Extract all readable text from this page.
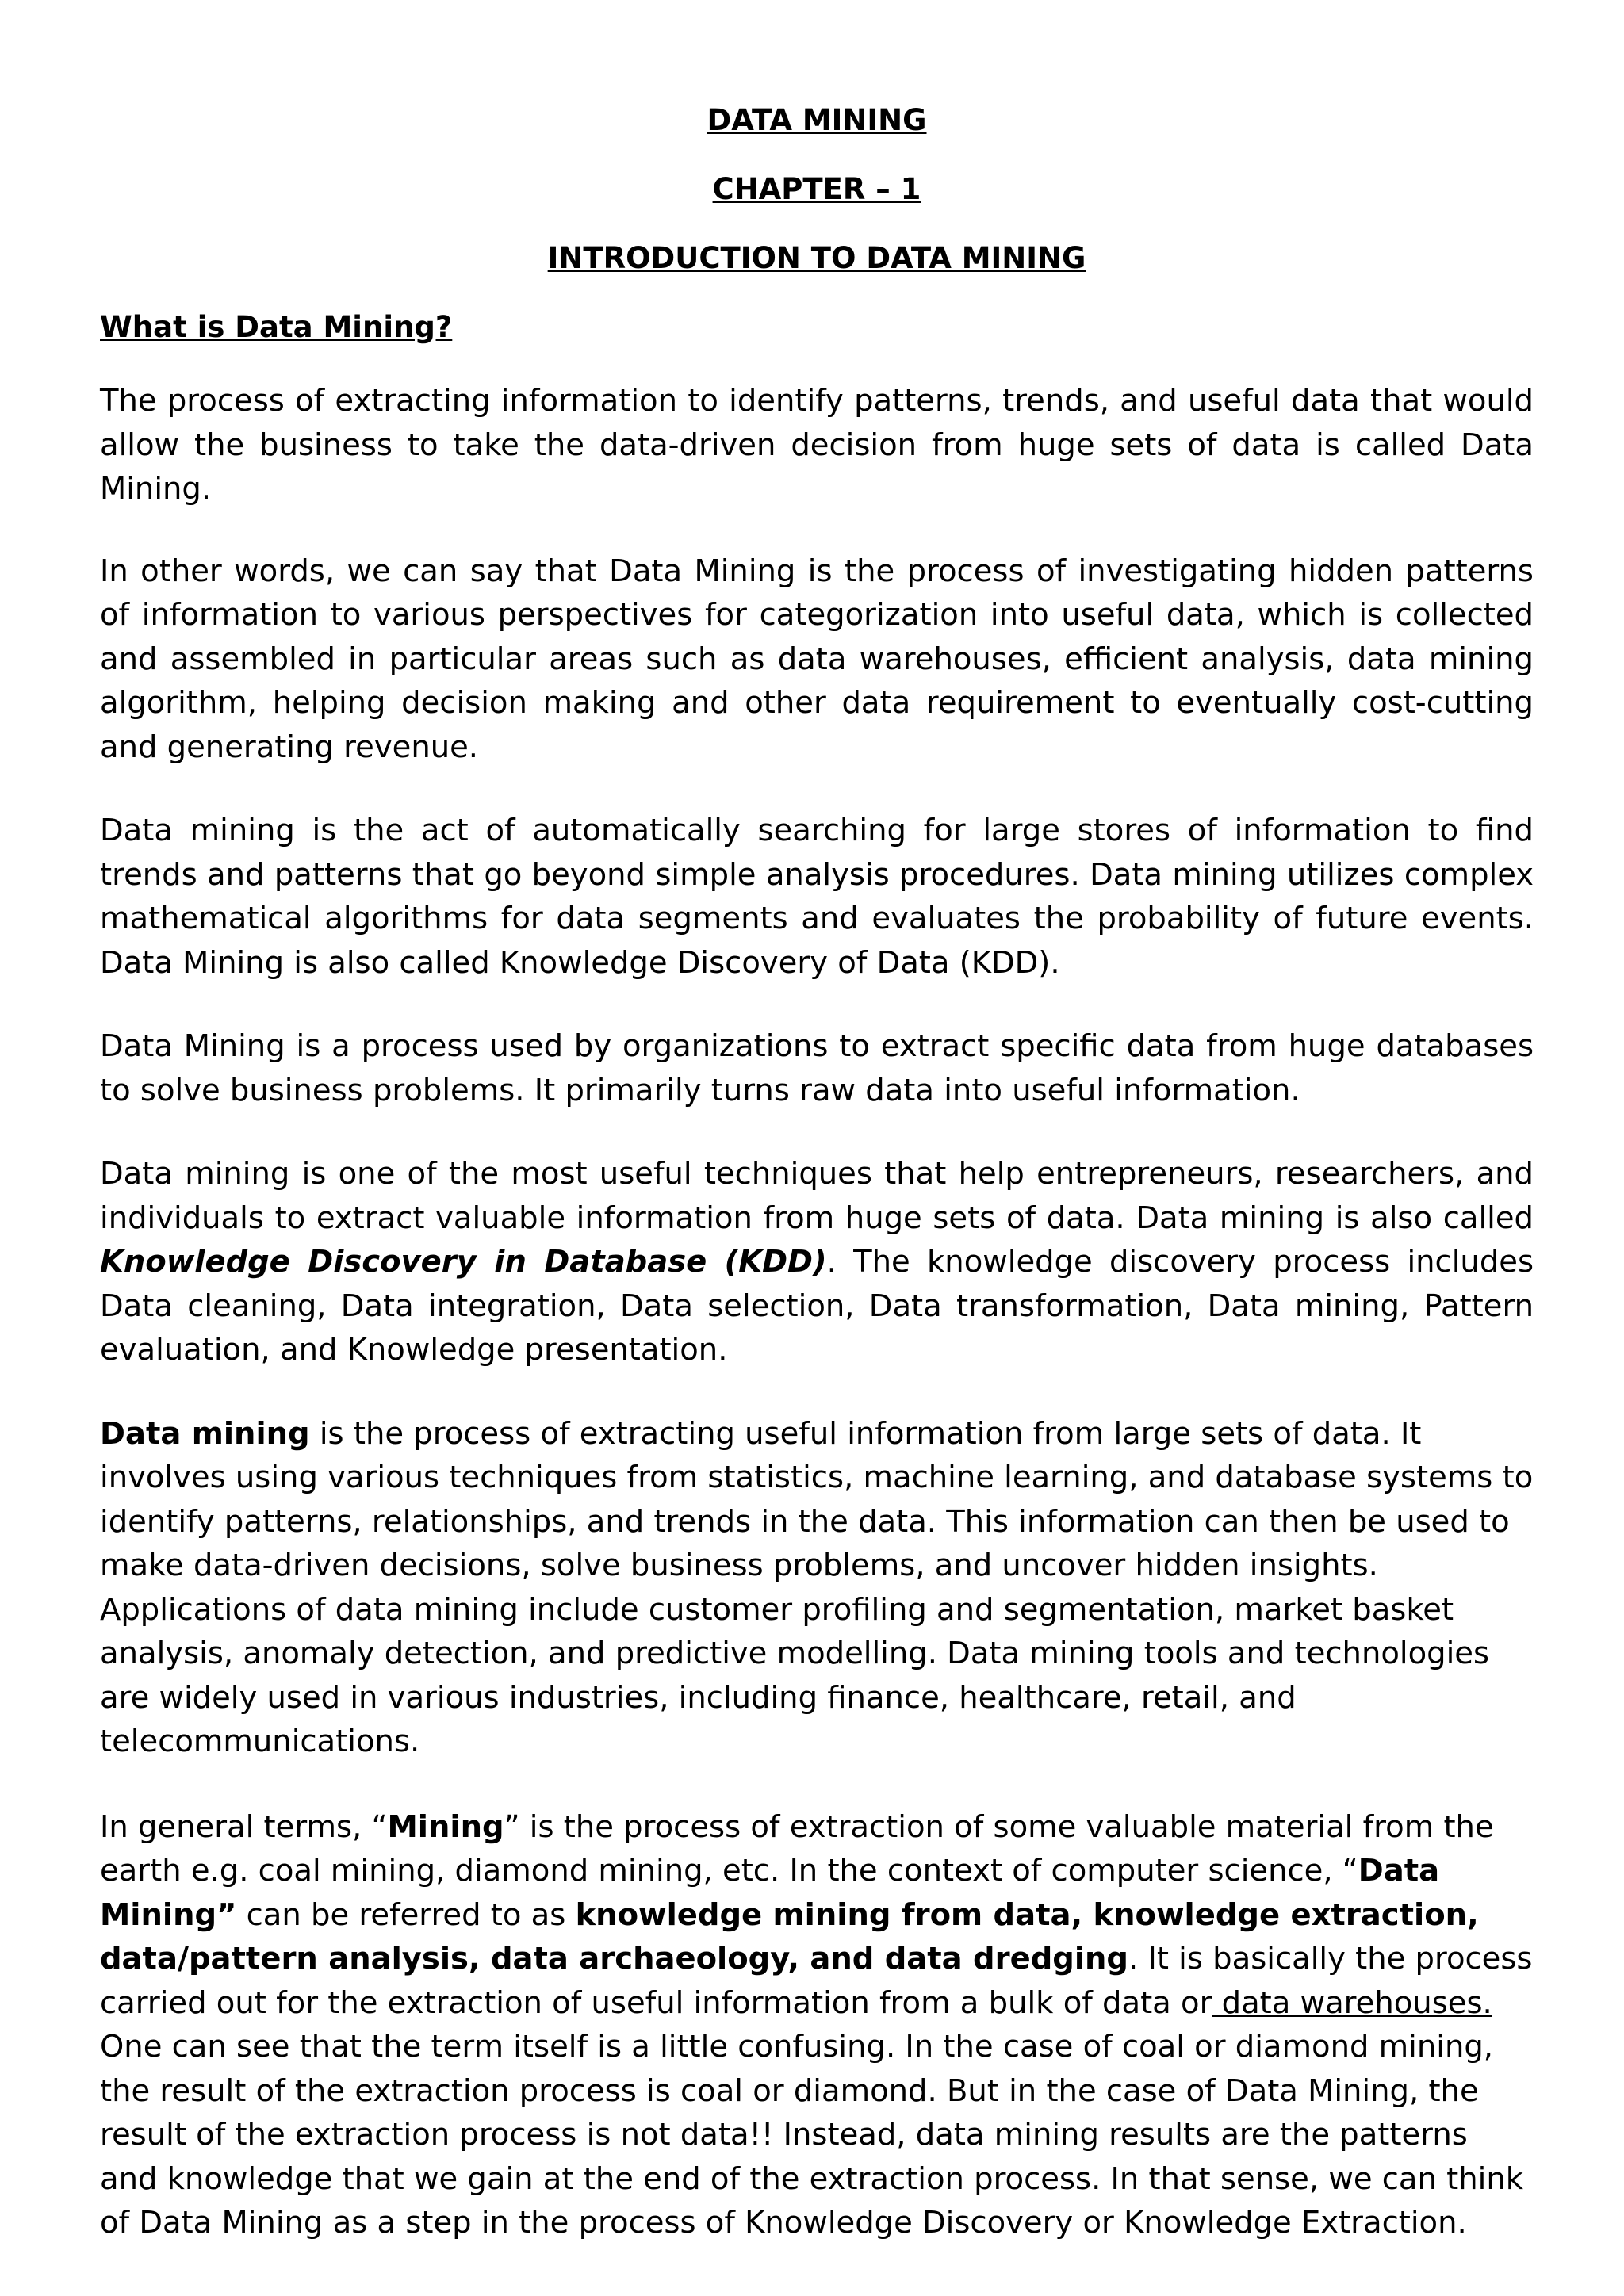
DATA MINING
CHAPTER – 1
INTRODUCTION TO DATA MINING
What is Data Mining?

The process of extracting information to identify patterns, trends, and useful data that would allow the business to take the data-driven decision from huge sets of data is called Data Mining.

In other words, we can say that Data Mining is the process of investigating hidden patterns of information to various perspectives for categorization into useful data, which is collected and assembled in particular areas such as data warehouses, efficient analysis, data mining algorithm, helping decision making and other data requirement to eventually cost-cutting and generating revenue.

Data mining is the act of automatically searching for large stores of information to find trends and patterns that go beyond simple analysis procedures. Data mining utilizes complex mathematical algorithms for data segments and evaluates the probability of future events. Data Mining is also called Knowledge Discovery of Data (KDD).

Data Mining is a process used by organizations to extract specific data from huge databases to solve business problems. It primarily turns raw data into useful information.

Data mining is one of the most useful techniques that help entrepreneurs, researchers, and individuals to extract valuable information from huge sets of data. Data mining is also called Knowledge Discovery in Database (KDD). The knowledge discovery process includes Data cleaning, Data integration, Data selection, Data transformation, Data mining, Pattern evaluation, and Knowledge presentation.

Data mining is the process of extracting useful information from large sets of data. It involves using various techniques from statistics, machine learning, and database systems to identify patterns, relationships, and trends in the data. This information can then be used to make data-driven decisions, solve business problems, and uncover hidden insights. Applications of data mining include customer profiling and segmentation, market basket analysis, anomaly detection, and predictive modelling. Data mining tools and technologies are widely used in various industries, including finance, healthcare, retail, and telecommunications.

In general terms, “Mining” is the process of extraction of some valuable material from the earth e.g. coal mining, diamond mining, etc. In the context of computer science, “Data Mining” can be referred to as knowledge mining from data, knowledge extraction, data/pattern analysis, data archaeology, and data dredging. It is basically the process carried out for the extraction of useful information from a bulk of data or data warehouses. One can see that the term itself is a little confusing. In the case of coal or diamond mining, the result of the extraction process is coal or diamond. But in the case of Data Mining, the result of the extraction process is not data!! Instead, data mining results are the patterns and knowledge that we gain at the end of the extraction process. In that sense, we can think of Data Mining as a step in the process of Knowledge Discovery or Knowledge Extraction.
